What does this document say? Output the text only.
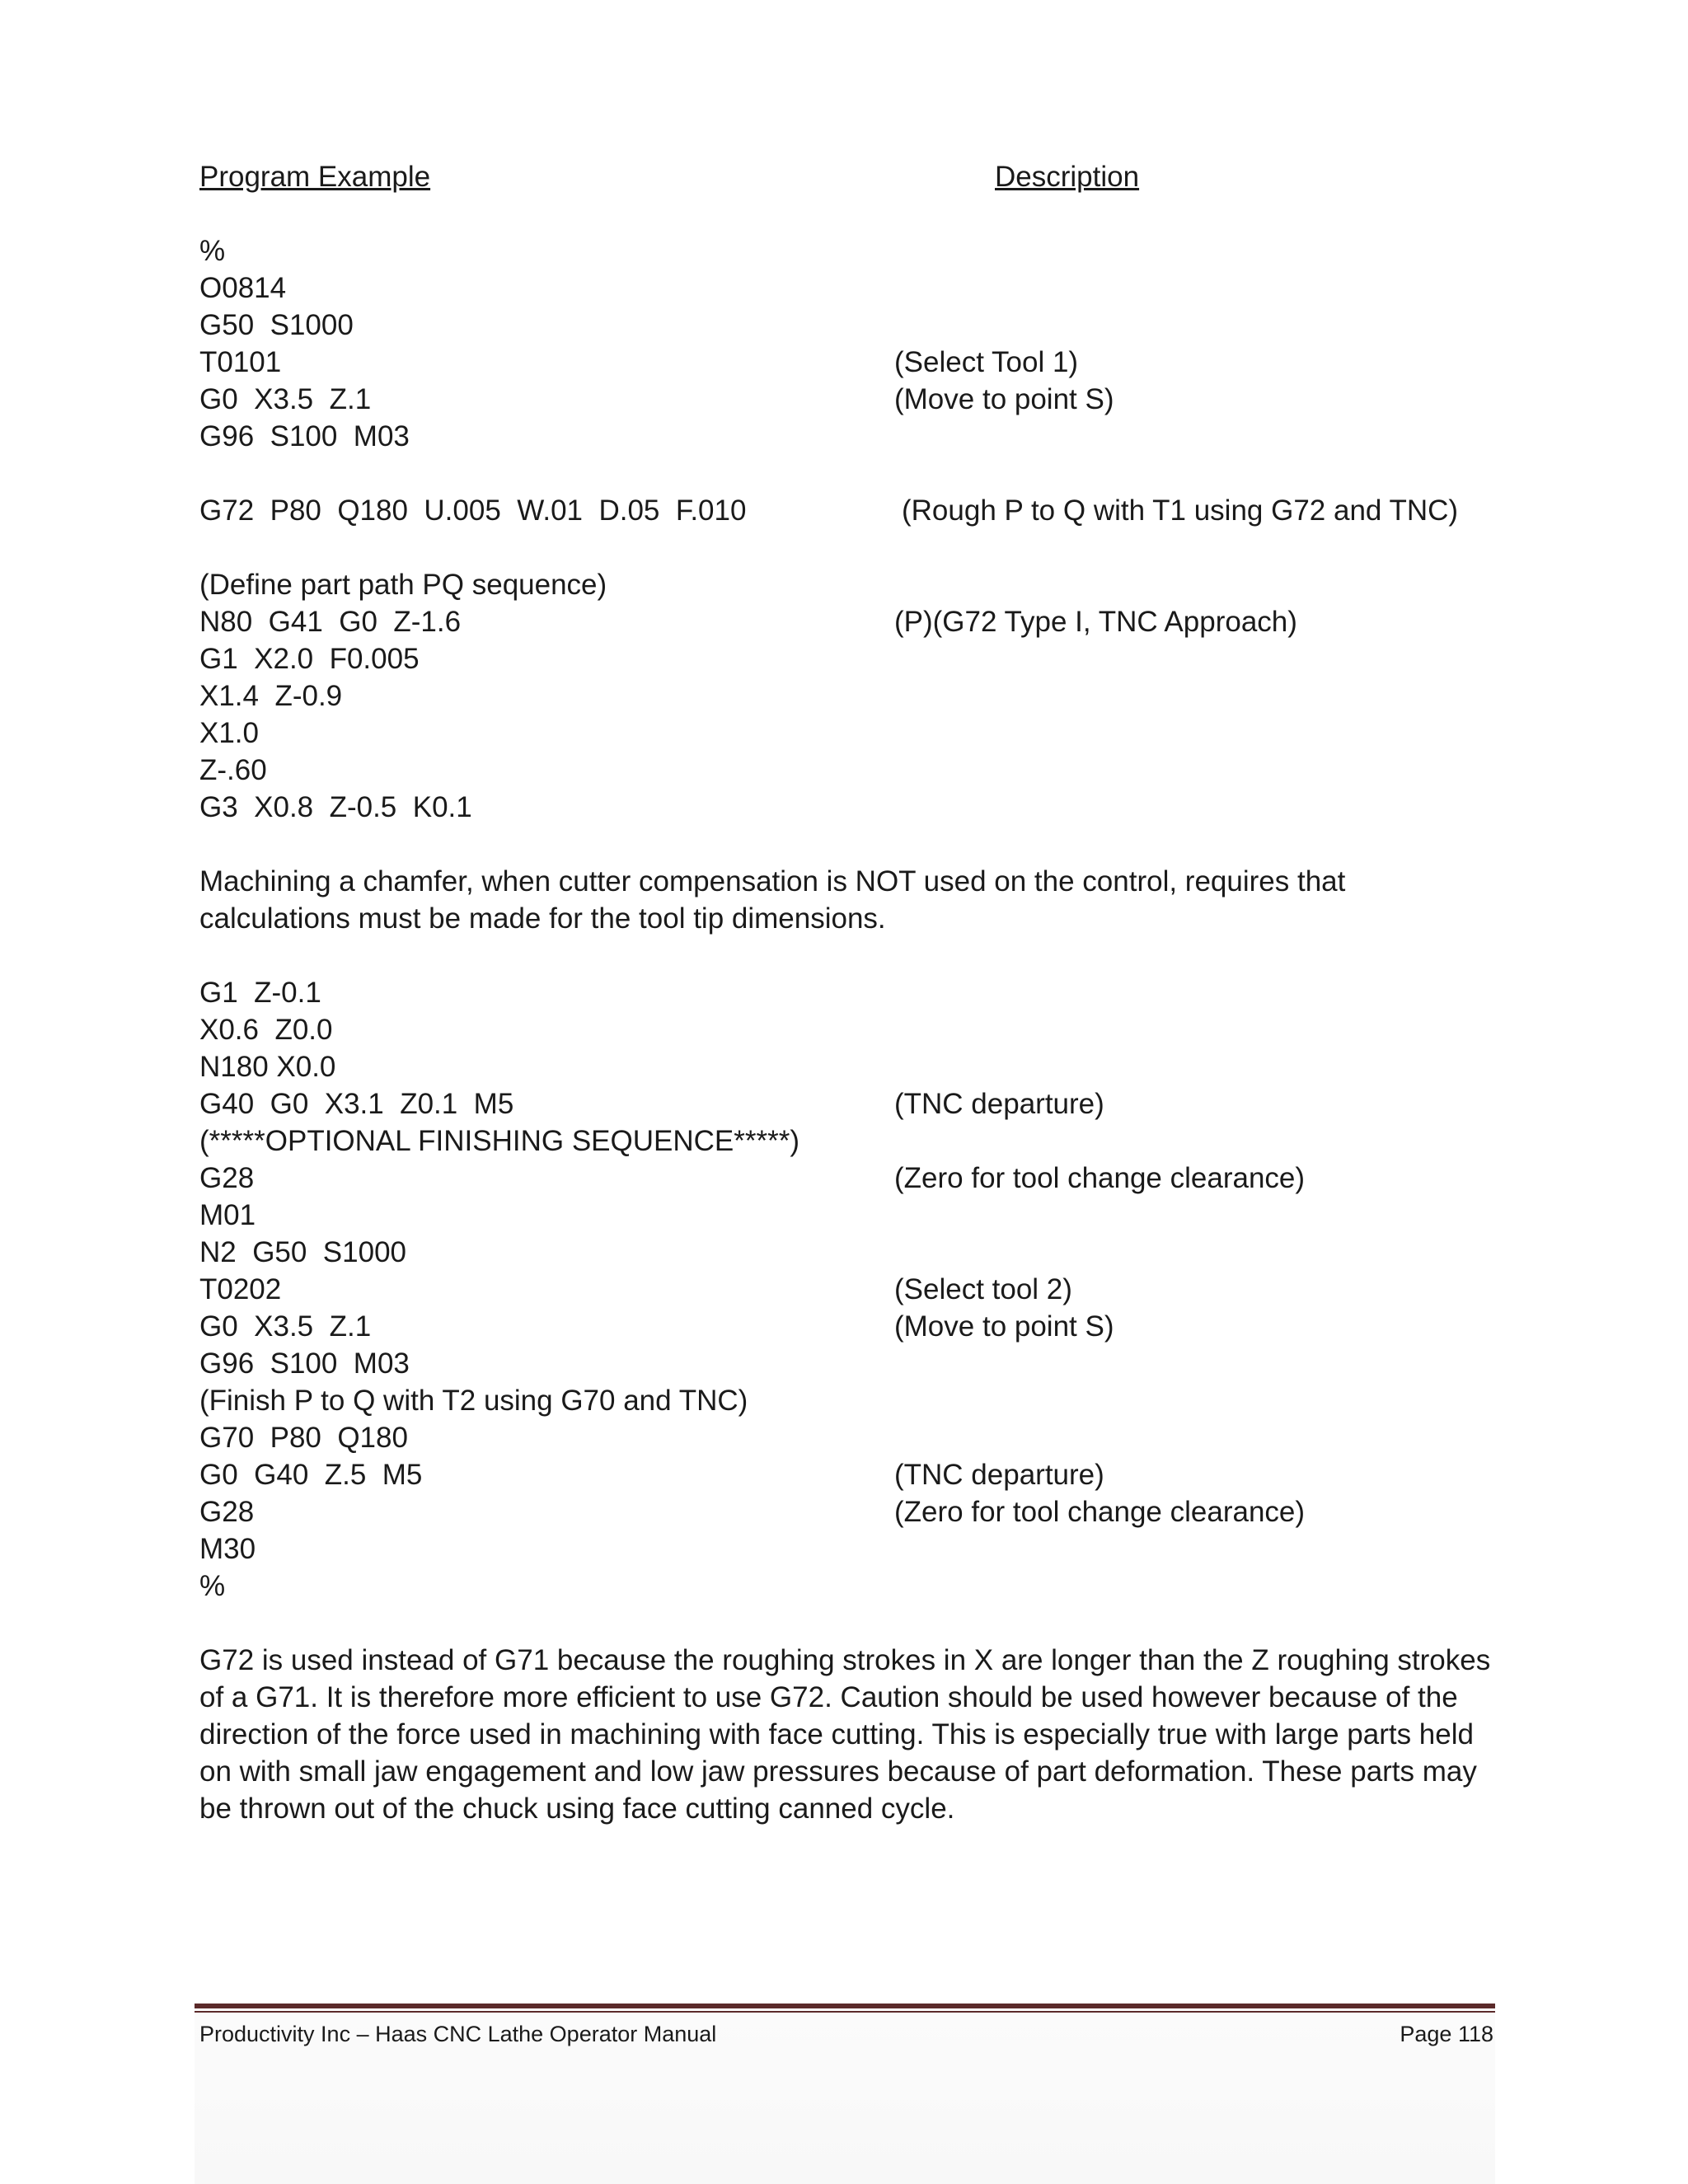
Program Example	Description
%
O0814
G50  S1000
T0101	(Select Tool 1)
G0  X3.5  Z.1	(Move to point S)
G96  S100  M03
G72  P80  Q180  U.005  W.01  D.05  F.010	(Rough P to Q with T1 using G72 and TNC)
(Define part path PQ sequence)
N80  G41  G0  Z-1.6	(P)(G72 Type I, TNC Approach)
G1  X2.0  F0.005
X1.4  Z-0.9
X1.0
Z-.60
G3  X0.8  Z-0.5  K0.1

Machining a chamfer, when cutter compensation is NOT used on the control, requires that calculations must be made for the tool tip dimensions.

G1  Z-0.1
X0.6  Z0.0
N180 X0.0
G40  G0  X3.1  Z0.1  M5	(TNC departure)
(*****OPTIONAL FINISHING SEQUENCE*****)
G28	(Zero for tool change clearance)
M01
N2  G50  S1000
T0202	(Select tool 2)
G0  X3.5  Z.1	(Move to point S)
G96  S100  M03
(Finish P to Q with T2 using G70 and TNC)
G70  P80  Q180
G0  G40  Z.5  M5	(TNC departure)
G28	(Zero for tool change clearance)
M30
%

G72 is used instead of G71 because the roughing strokes in X are longer than the Z roughing strokes of a G71. It is therefore more efficient to use G72. Caution should be used however because of the direction of the force used in machining with face cutting. This is especially true with large parts held on with small jaw engagement and low jaw pressures because of part deformation. These parts may be thrown out of the chuck using face cutting canned cycle.

Productivity Inc – Haas CNC Lathe Operator Manual	Page 118
